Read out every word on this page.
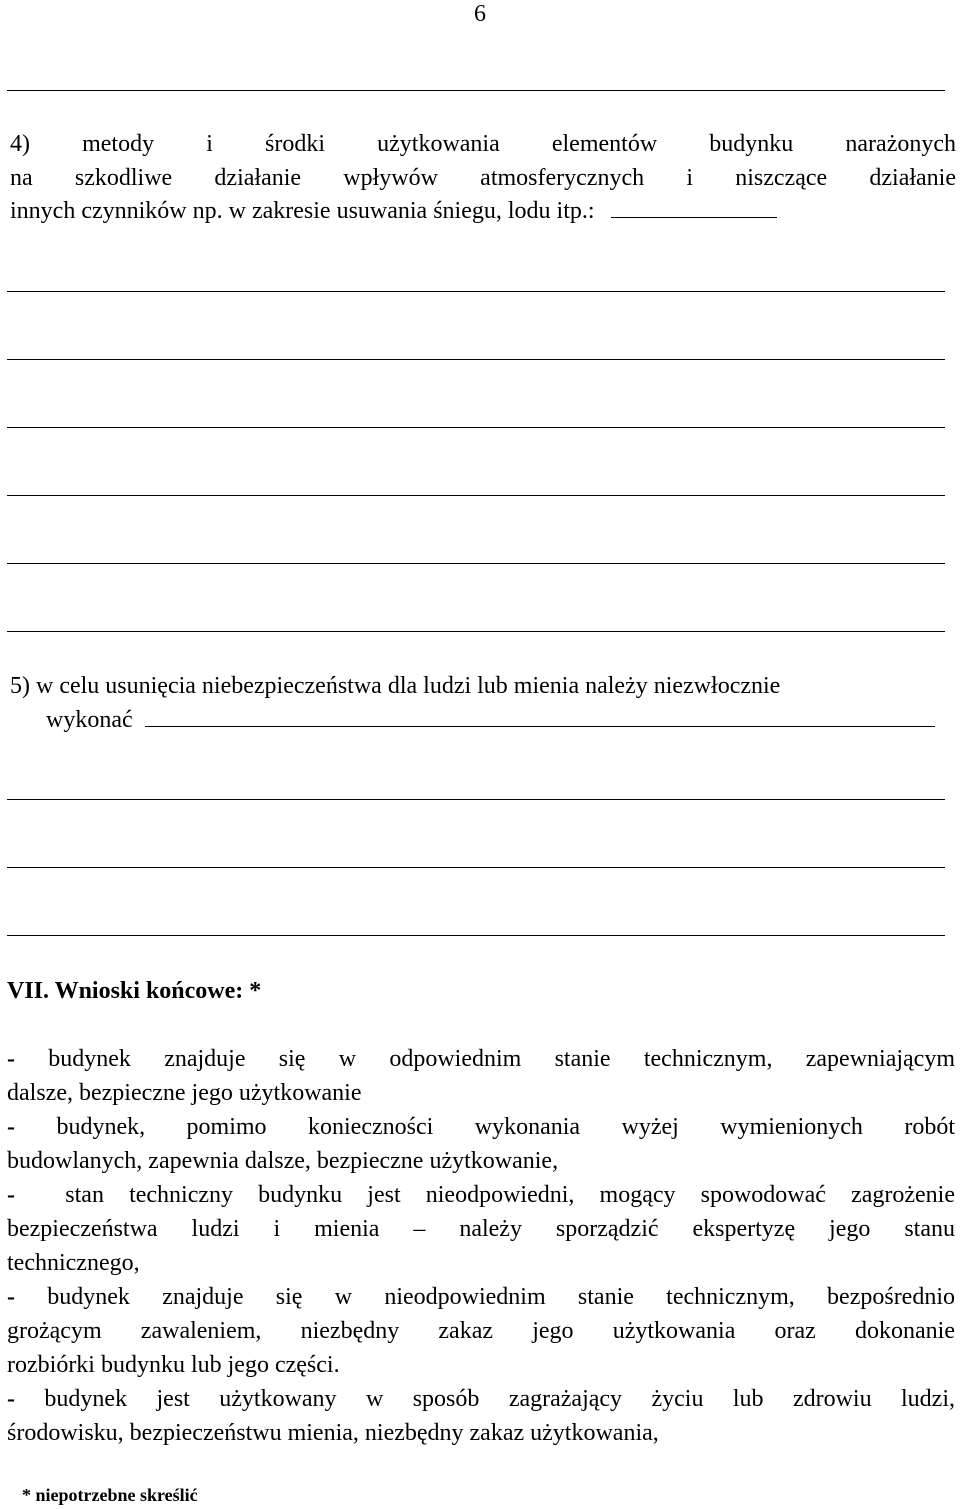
6
4) metody i środki użytkowania elementów budynku narażonych
na szkodliwe działanie wpływów atmosferycznych i niszczące działanie
innych czynników np. w zakresie usuwania śniegu, lodu itp.:
5) w celu usunięcia niebezpieczeństwa dla ludzi lub mienia należy niezwłocznie
wykonać
VII. Wnioski końcowe: *
- budynek znajduje się w odpowiednim stanie technicznym, zapewniającym
dalsze, bezpieczne jego użytkowanie
- budynek, pomimo konieczności wykonania wyżej wymienionych robót
budowlanych, zapewnia dalsze, bezpieczne użytkowanie,
- stan techniczny budynku jest nieodpowiedni, mogący spowodować zagrożenie
bezpieczeństwa ludzi i mienia – należy sporządzić ekspertyzę jego stanu
technicznego,
- budynek znajduje się w nieodpowiednim stanie technicznym, bezpośrednio
grożącym zawaleniem, niezbędny zakaz jego użytkowania oraz dokonanie
rozbiórki budynku lub jego części.
- budynek jest użytkowany w sposób zagrażający życiu lub zdrowiu ludzi,
środowisku, bezpieczeństwu mienia, niezbędny zakaz użytkowania,
* niepotrzebne skreślić
